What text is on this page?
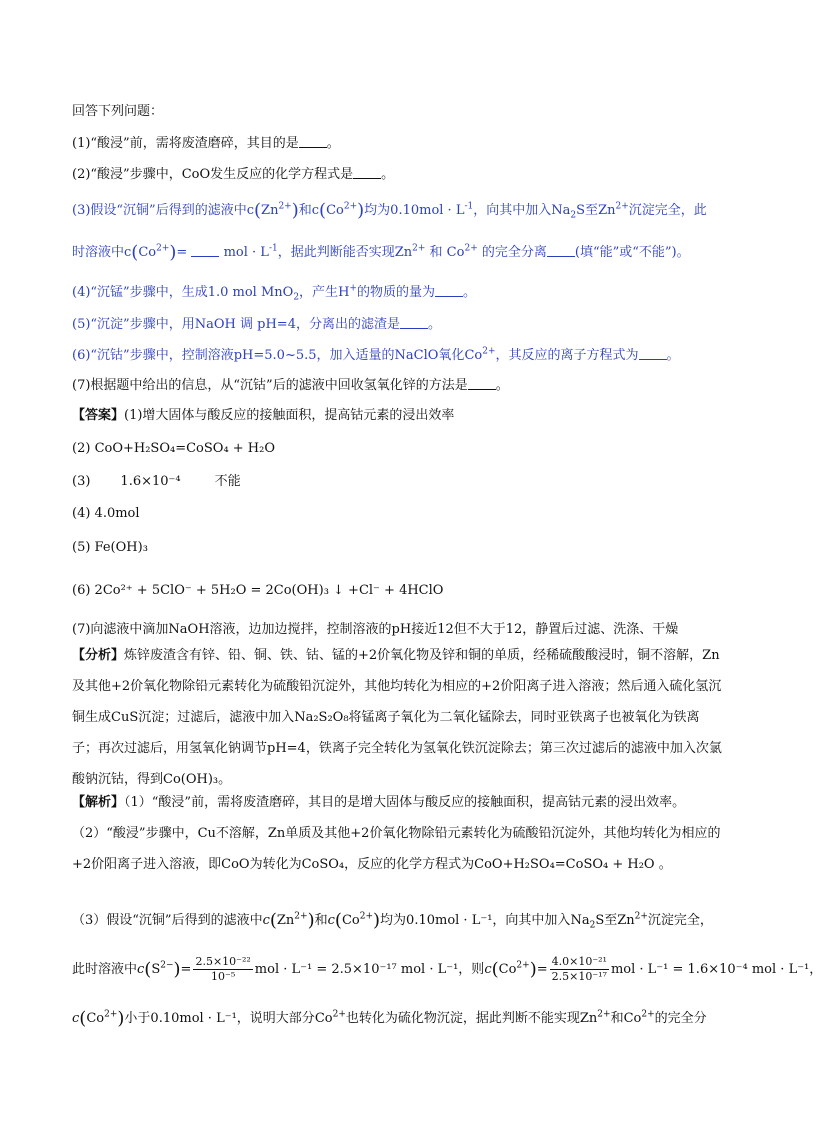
回答下列问题：
(1)“酸浸”前，需将废渣磨碎，其目的是 。
(2)“酸浸”步骤中，CoO发生反应的化学方程式是 。
(3)假设“沉铜”后得到的滤液中$c(Zn^{2+})$和$c(Co^{2+})$均为$0.10mol \cdot L^{-1}$，向其中加入$Na_2S$至$Zn^{2+}$沉淀完全，此
时溶液中$c(Co^{2+})=$  mol · $L^{-1}$，据此判断能否实现$Zn^{2+}$ 和 $Co^{2+}$ 的完全分离 (填“能”或“不能”)。
(4)“沉锰”步骤中，生成1.0 mol MnO$_2$，产生H+的物质的量为 。
(5)“沉淀”步骤中，用NaOH 调 pH=4，分离出的滤渣是 。
(6)“沉钴”步骤中，控制溶液pH=5.0~5.5，加入适量的NaClO氧化$Co^{2+}$，其反应的离子方程式为 。
(7)根据题中给出的信息，从“沉钴”后的滤液中回收氢氧化锌的方法是 。
【答案】(1)增大固体与酸反应的接触面积，提高钴元素的浸出效率
(2) CoO+H₂SO₄=CoSO₄ + H₂O
(3) 1.6×10⁻⁴	不能
(4) 4.0mol
(5) Fe(OH)₃
(6) 2Co²⁺ + 5ClO⁻ + 5H₂O = 2Co(OH)₃ ↓ +Cl⁻ + 4HClO
(7)向滤液中滴加NaOH溶液，边加边搅拌，控制溶液的pH接近12但不大于12，静置后过滤、洗涤、干燥
【分析】炼锌废渣含有锌、铅、铜、铁、钴、锰的+2价氧化物及锌和铜的单质，经稀硫酸酸浸时，铜不溶解，Zn及其他+2价氧化物除铅元素转化为硫酸铅沉淀外，其他均转化为相应的+2价阳离子进入溶液；然后通入硫化氢沉铜生成CuS沉淀；过滤后，滤液中加入Na₂S₂O₈将锰离子氧化为二氧化锰除去，同时亚铁离子也被氧化为铁离子；再次过滤后，用氢氧化钠调节pH=4，铁离子完全转化为氢氧化铁沉淀除去；第三次过滤后的滤液中加入次氯酸钠沉钴，得到Co(OH)₃。
【解析】（1）“酸浸”前，需将废渣磨碎，其目的是增大固体与酸反应的接触面积，提高钴元素的浸出效率。
（2）“酸浸”步骤中，Cu不溶解，Zn单质及其他+2价氧化物除铅元素转化为硫酸铅沉淀外，其他均转化为相应的+2价阳离子进入溶液，即CoO为转化为CoSO₄，反应的化学方程式为CoO+H₂SO₄=CoSO₄ + H₂O 。
（3）假设“沉铜”后得到的滤液中$c(Zn^{2+})$和$c(Co^{2+})$均为0.10mol · L⁻¹，向其中加入$Na_2S$至$Zn^{2+}$沉淀完全，
此时溶液中$c(S^{2-})= \frac{\text{2.5×10⁻²²}}{\text{10⁻⁵}}$ mol · L⁻¹ = 2.5×10⁻¹⁷ mol · L⁻¹，则$c(Co^{2+})= \frac{\text{4.0×10⁻²¹}}{\text{2.5×10⁻¹⁷}}$ mol · L⁻¹ = 1.6×10⁻⁴ mol · L⁻¹，
$c(Co^{2+})$小于0.10mol · L⁻¹，说明大部分$Co^{2+}$也转化为硫化物沉淀，据此判断不能实现$Zn^{2+}$和$Co^{2+}$的完全分
